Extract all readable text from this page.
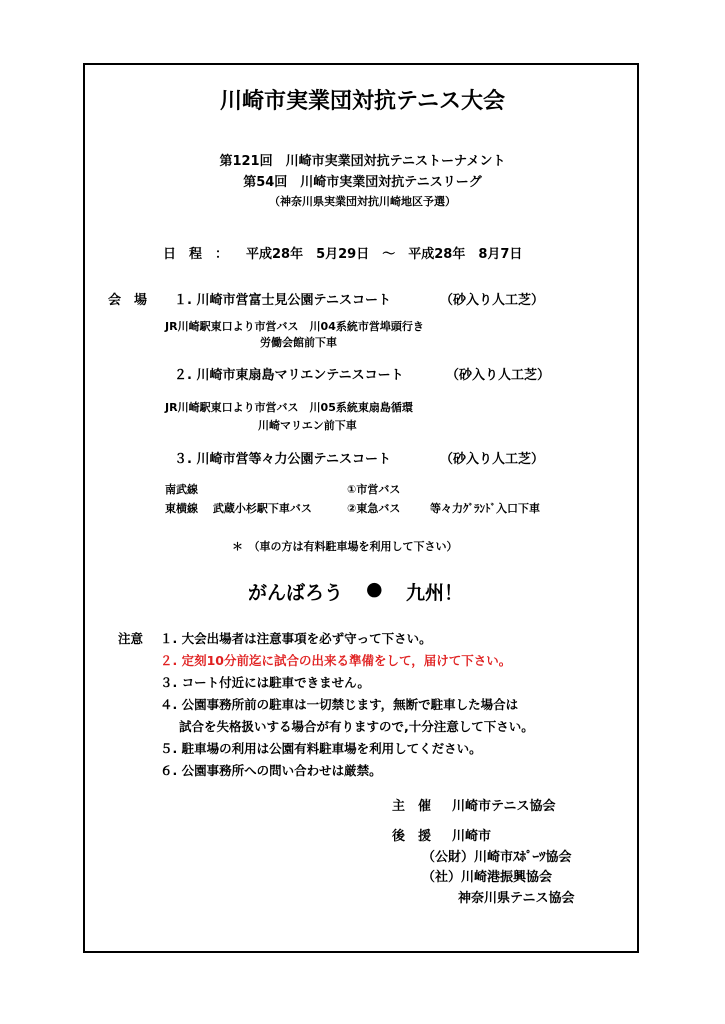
川崎市実業団対抗テニス大会
第121回　川崎市実業団対抗テニストーナメント
第54回　川崎市実業団対抗テニスリーグ
（神奈川県実業団対抗川崎地区予選）
日　程　： 平成28年　5月29日　～　平成28年　8月7日
会　場 １. 川崎市営富士見公園テニスコート	（砂入り人工芝）
JR川崎駅東口より市営バス　川04系統市営埠頭行き
労働会館前下車
２. 川崎市東扇島マリエンテニスコート	（砂入り人工芝）
JR川崎駅東口より市営バス　川05系統東扇島循環
川崎マリエン前下車
３. 川崎市営等々力公園テニスコート	（砂入り人工芝）
南武線	①市営バス
東横線　 武蔵小杉駅下車バス	②東急バス	等々力ｸﾞﾗﾝﾄﾞ入口下車
＊　（車の方は有料駐車場を利用して下さい）
がんばろう ● 九州！
注意 １. 大会出場者は注意事項を必ず守って下さい。
２. 定刻10分前迄に試合の出来る準備をして，届けて下さい。
３. コート付近には駐車できません。
４. 公園事務所前の駐車は一切禁じます，無断で駐車した場合は
試合を失格扱いする場合が有りますので,十分注意して下さい。
５. 駐車場の利用は公園有料駐車場を利用してください。
６. 公園事務所への問い合わせは厳禁。
主　催 川崎市テニス協会
後　援 川崎市
（公財）川崎市ｽﾎﾟｰﾂ協会
（社）川崎港振興協会
神奈川県テニス協会
